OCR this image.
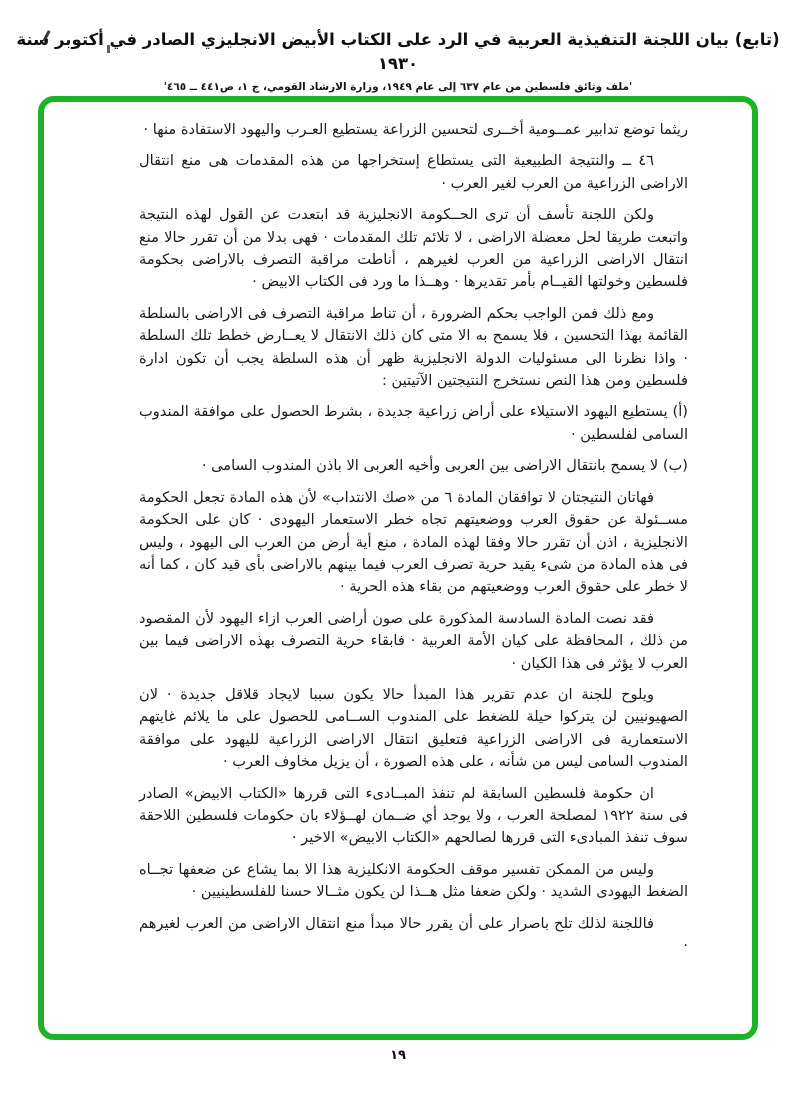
(تابع) بيان اللجنة التنفيذية العربية في الرد على الكتاب الأبيض الانجليزي الصادر في أكتوبر سنة ١٩٣٠
'ملف وثائق فلسطين من عام ٦٣٧ إلى عام ١٩٤٩، وزارة الارشاد القومي، ج ١، ص٤٤١ ــ ٤٦٥'

ريثما توضع تدابير عمــومية أخــرى لتحسين الزراعة يستطيع العـرب واليهود الاستفادة منها ·

٤٦ ــ والنتيجة الطبيعية التى يستطاع إستخراجها من هذه المقدمات هى منع انتقال الاراضى الزراعية من العرب لغير العرب ·

ولكن اللجنة تأسف أن ترى الحــكومة الانجليزية قد ابتعدت عن القول لهذه النتيجة واتبعت طريقا لحل معضلة الاراضى ، لا تلائم تلك المقدمات · فهى بدلا من أن تقرر حالا منع انتقال الاراضى الزراعية من العرب لغيرهم ، أناطت مراقبة التصرف بالاراضى بحكومة فلسطين وخولتها القيــام بأمر تقديرها · وهــذا ما ورد فى الكتاب الابيض ·

ومع ذلك فمن الواجب بحكم الضرورة ، أن تناط مراقبة التصرف فى الاراضى بالسلطة القائمة بهذا التحسين ، فلا يسمح به الا متى كان ذلك الانتقال لا يعــارض خطط تلك السلطة · واذا نظرنا الى مسئوليات الدولة الانجليزية ظهر أن هذه السلطة يجب أن تكون ادارة فلسطين ومن هذا النص نستخرج النتيجتين الآتيتين :

(أ) يستطيع اليهود الاستيلاء على أراض زراعية جديدة ، بشرط الحصول على موافقة المندوب السامى لفلسطين ·

(ب) لا يسمح بانتقال الاراضى بين العربى وأخيه العربى الا باذن المندوب السامى ·

فهاتان النتيجتان لا توافقان المادة ٦ من «صك الانتداب» لأن هذه المادة تجعل الحكومة مســئولة عن حقوق العرب ووضعيتهم تجاه خطر الاستعمار اليهودى · كان على الحكومة الانجليزية ، اذن أن تقرر حالا وفقا لهذه المادة ، منع أية أرض من العرب الى اليهود ، وليس فى هذه المادة من شىء يقيد حرية تصرف العرب فيما بينهم بالاراضى بأى قيد كان ، كما أنه لا خطر على حقوق العرب ووضعيتهم من بقاء هذه الحرية ·

فقد نصت المادة السادسة المذكورة على صون أراضى العرب ازاء اليهود لأن المقصود من ذلك ، المحافظة على كيان الأمة العربية · فابقاء حرية التصرف بهذه الاراضى فيما بين العرب لا يؤثر فى هذا الكيان ·

ويلوح للجنة ان عدم تقرير هذا المبدأ حالا يكون سببا لايجاد قلاقل جديدة · لان الصهيونيين لن يتركوا حيلة للضغط على المندوب الســامى للحصول على ما يلائم غايتهم الاستعمارية فى الاراضى الزراعية فتعليق انتقال الاراضى الزراعية لليهود على موافقة المندوب السامى ليس من شأنه ، على هذه الصورة ، أن يزيل مخاوف العرب ·

ان حكومة فلسطين السابقة لم تنفذ المبــادىء التى قررها «الكتاب الابيض» الصادر فى سنة ١٩٢٢ لمصلحة العرب ، ولا يوجد أي ضــمان لهــؤلاء بان حكومات فلسطين اللاحقة سوف تنفذ المبادىء التى قررها لصالحهم «الكتاب الابيض» الاخير ·

وليس من الممكن تفسير موقف الحكومة الانكليزية هذا الا بما يشاع عن ضعفها تجــاه الضغط اليهودى الشديد · ولكن ضعفا مثل هــذا لن يكون مثــالا حسنا للفلسطينيين ·

فاللجنة لذلك تلح باصرار على أن يقرر حالا مبدأ منع انتقال الاراضى من العرب لغيرهم ·

١٩
